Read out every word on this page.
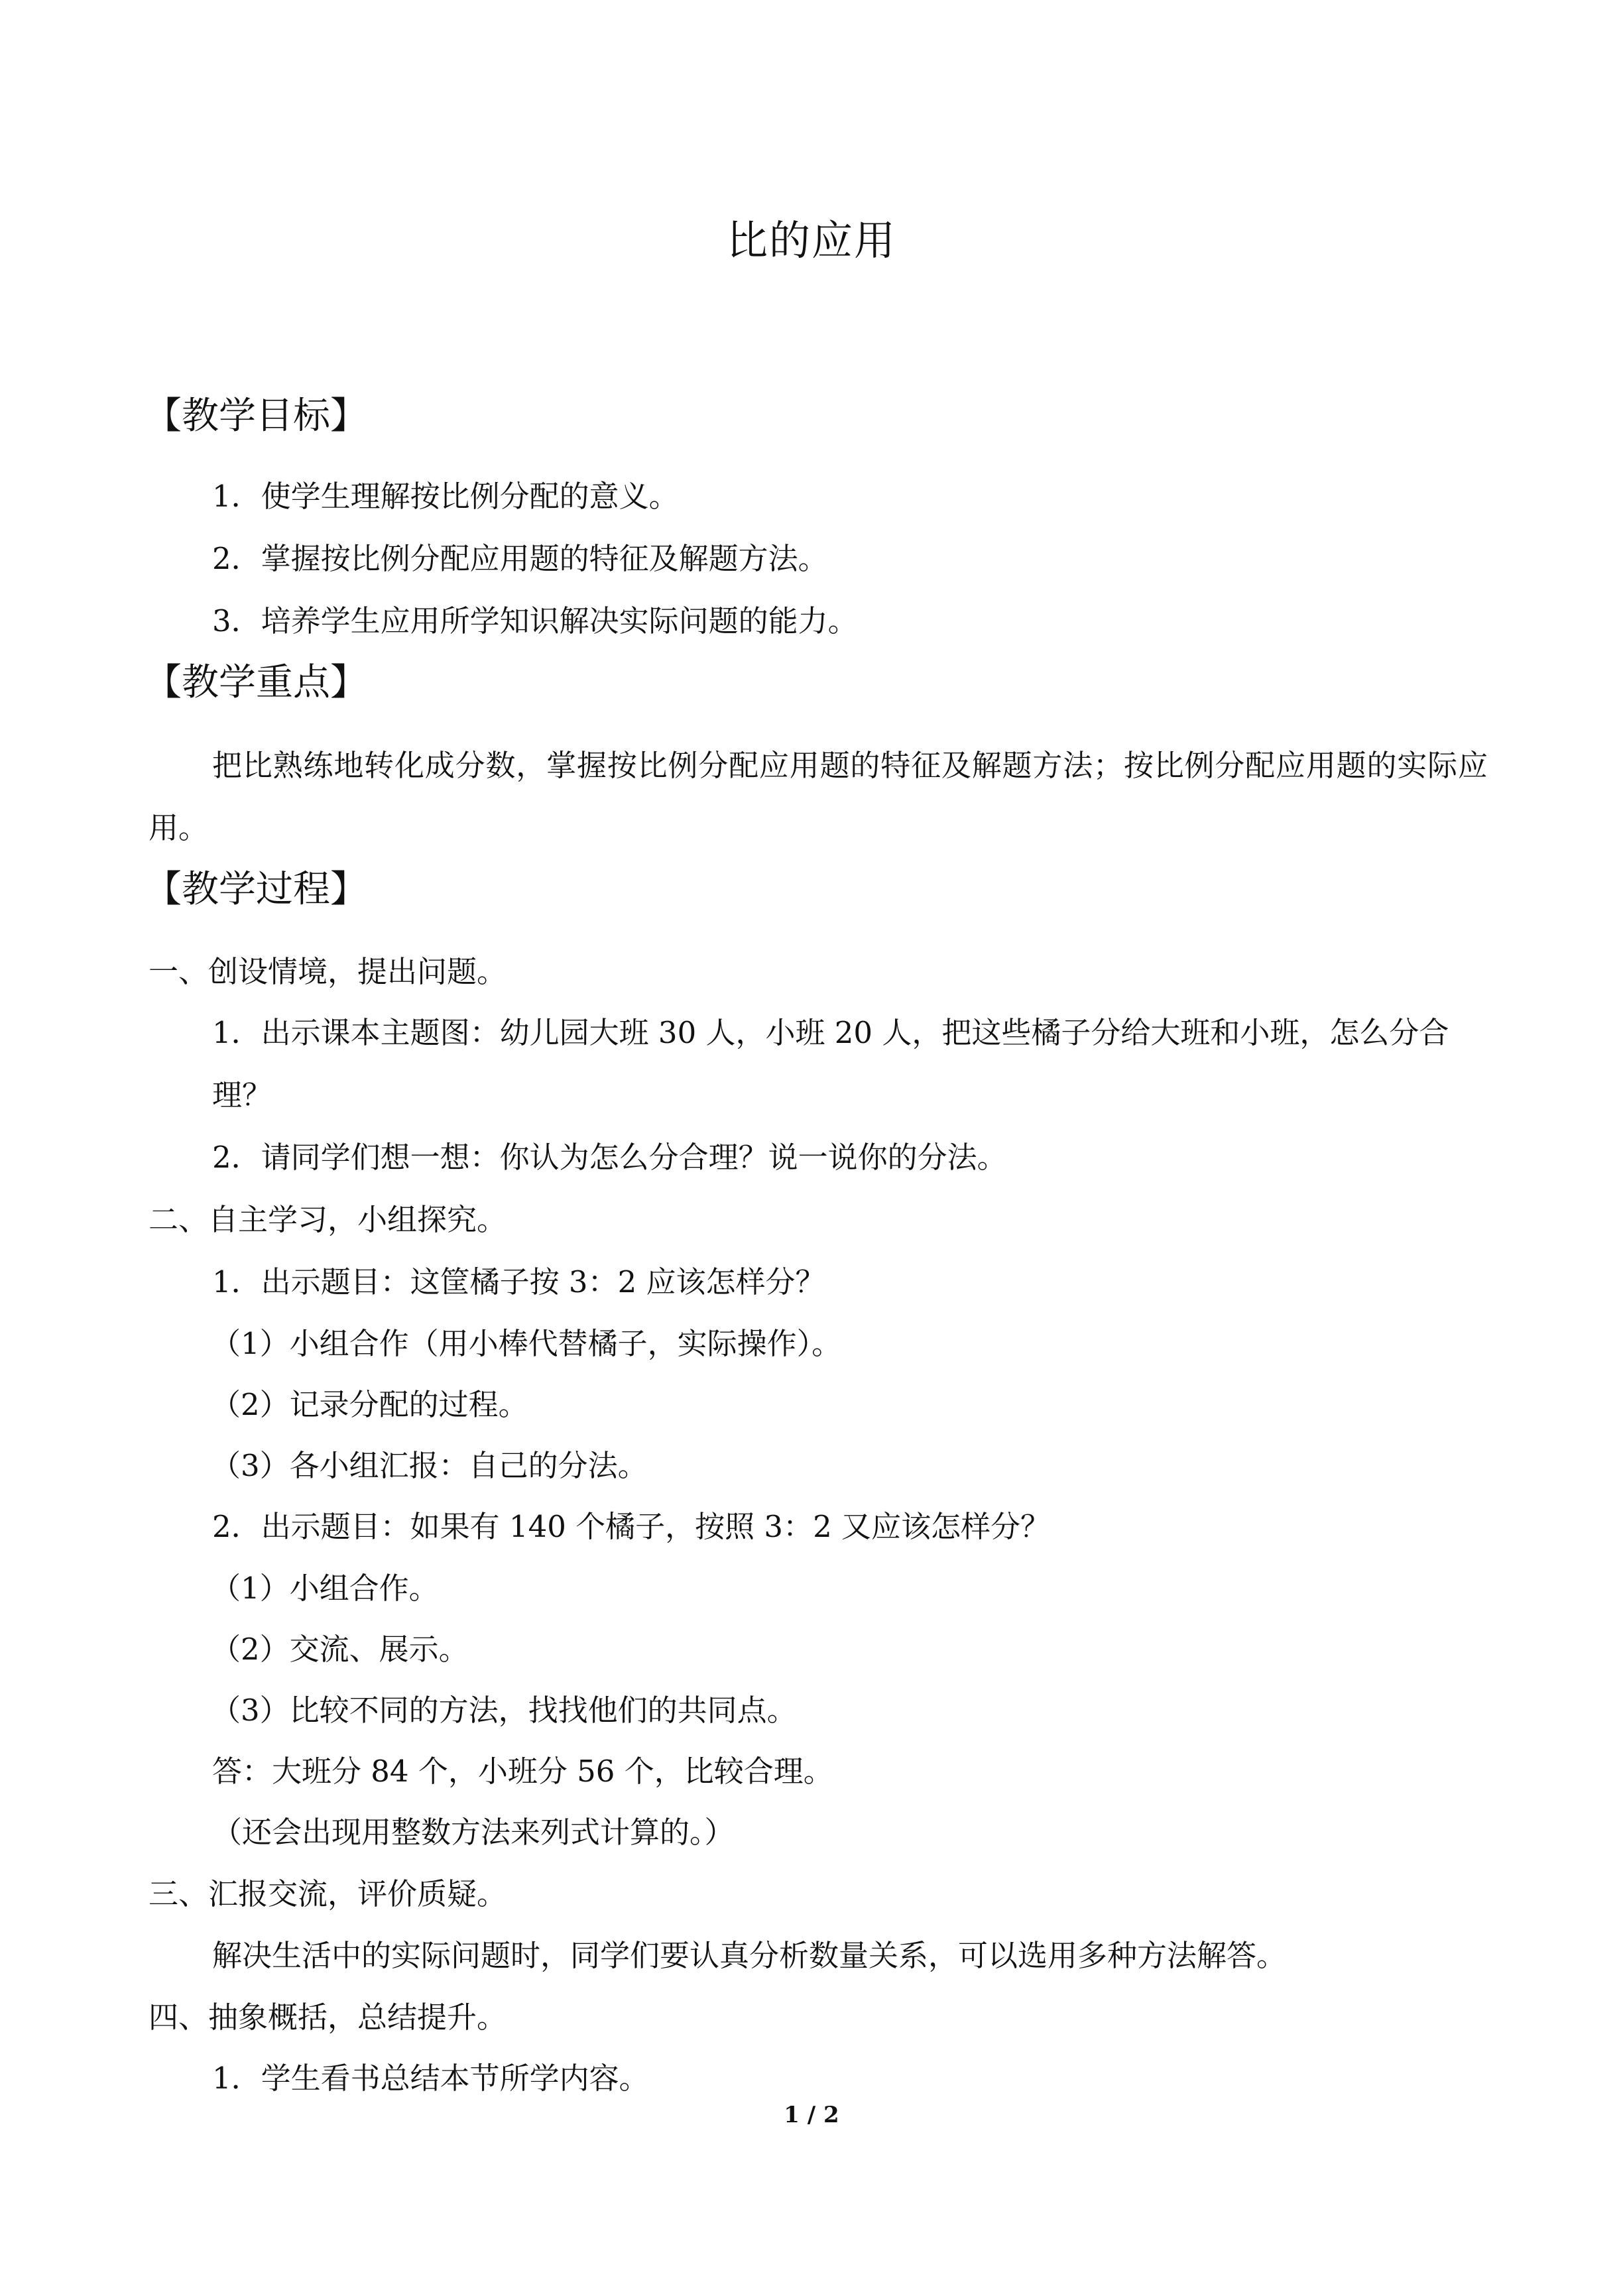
比的应用
【教学目标】
1．使学生理解按比例分配的意义。
2．掌握按比例分配应用题的特征及解题方法。
3．培养学生应用所学知识解决实际问题的能力。
【教学重点】
把比熟练地转化成分数，掌握按比例分配应用题的特征及解题方法；按比例分配应用题的实际应用。
【教学过程】
一、创设情境，提出问题。
1．出示课本主题图：幼儿园大班 30 人，小班 20 人，把这些橘子分给大班和小班，怎么分合理？
2．请同学们想一想：你认为怎么分合理？说一说你的分法。
二、自主学习，小组探究。
1．出示题目：这筐橘子按 3：2 应该怎样分？
（1）小组合作（用小棒代替橘子，实际操作）。
（2）记录分配的过程。
（3）各小组汇报：自己的分法。
2．出示题目：如果有 140 个橘子，按照 3：2 又应该怎样分？
（1）小组合作。
（2）交流、展示。
（3）比较不同的方法，找找他们的共同点。
答：大班分 84 个，小班分 56 个，比较合理。
（还会出现用整数方法来列式计算的。）
三、汇报交流，评价质疑。
解决生活中的实际问题时，同学们要认真分析数量关系，可以选用多种方法解答。
四、抽象概括，总结提升。
1．学生看书总结本节所学内容。
1 / 2
